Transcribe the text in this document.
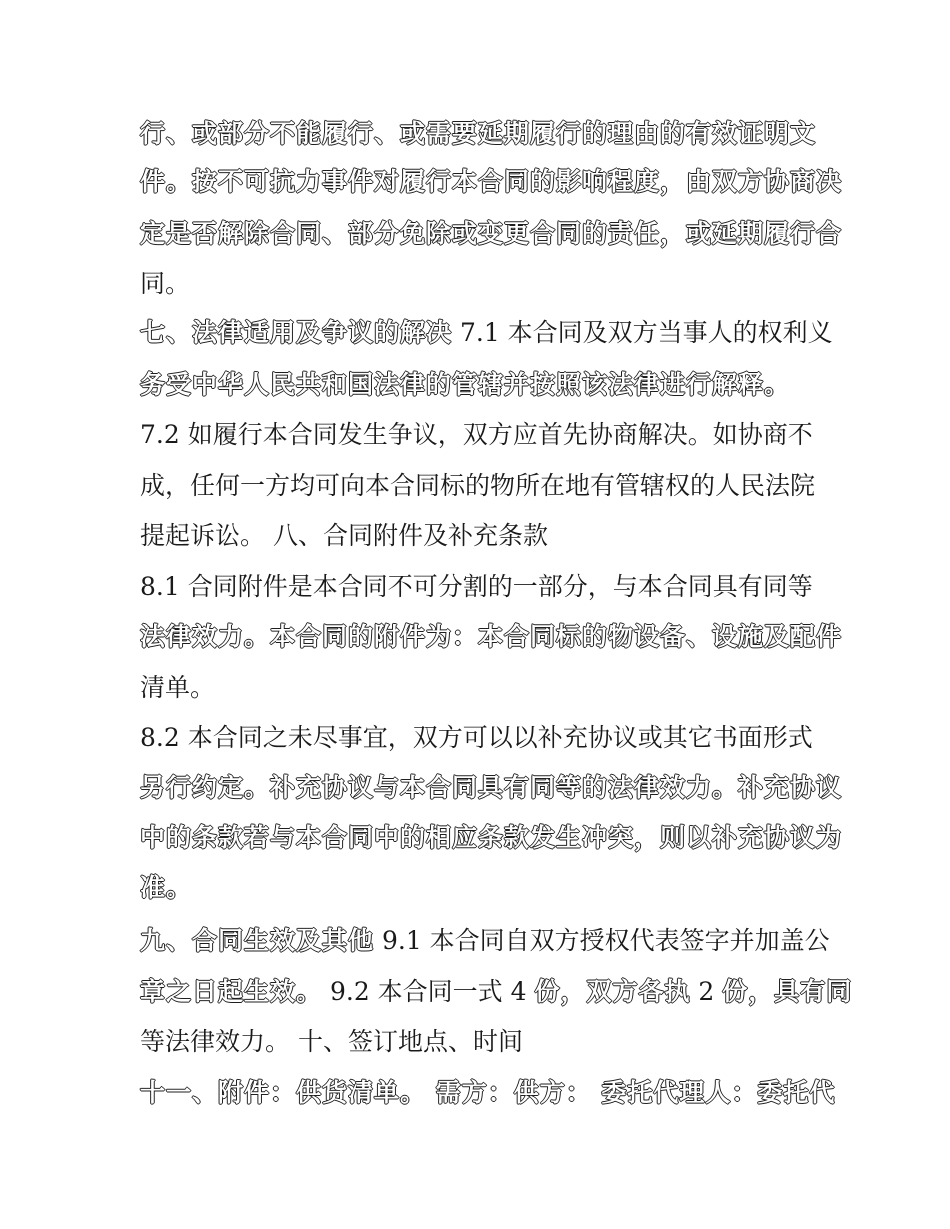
行、或部分不能履行、或需要延期履行的理由的有效证明文
件。按不可抗力事件对履行本合同的影响程度，由双方协商决
定是否解除合同、部分免除或变更合同的责任，或延期履行合
同。
七、法律适用及争议的解决 7.1 本合同及双方当事人的权利义
务受中华人民共和国法律的管辖并按照该法律进行解释。
7.2 如履行本合同发生争议，双方应首先协商解决。如协商不
成，任何一方均可向本合同标的物所在地有管辖权的人民法院
提起诉讼。 八、合同附件及补充条款
8.1 合同附件是本合同不可分割的一部分，与本合同具有同等
法律效力。本合同的附件为：本合同标的物设备、设施及配件
清单。
8.2 本合同之未尽事宜，双方可以以补充协议或其它书面形式
另行约定。补充协议与本合同具有同等的法律效力。补充协议
中的条款若与本合同中的相应条款发生冲突，则以补充协议为
准。
九、合同生效及其他 9.1 本合同自双方授权代表签字并加盖公
章之日起生效。 9.2 本合同一式 4 份，双方各执 2 份，具有同
等法律效力。 十、签订地点、时间
十一、附件：供货清单。 需方：供方： 委托代理人：委托代
